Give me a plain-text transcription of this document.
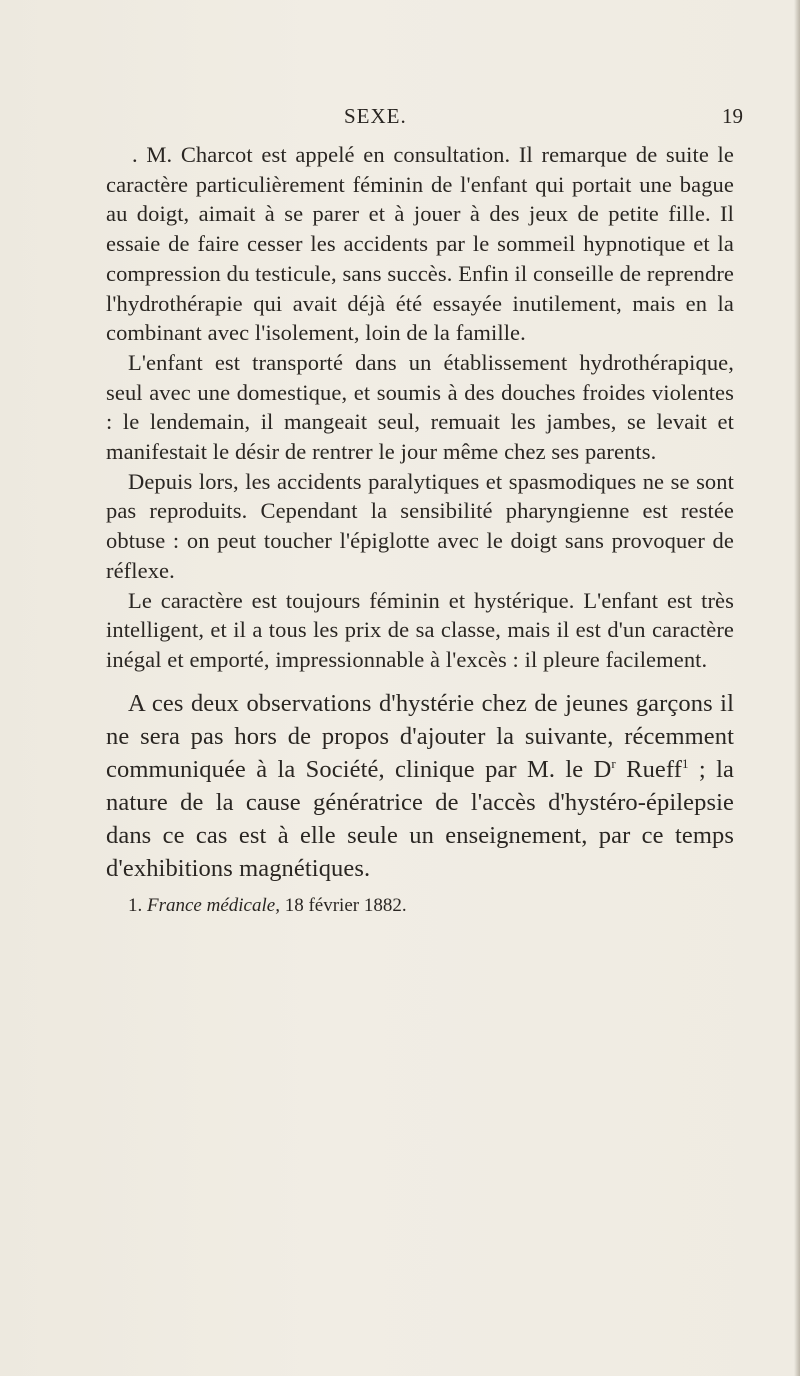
SEXE.	19

. M. Charcot est appelé en consultation. Il remarque de suite le caractère particulièrement féminin de l'enfant qui portait une bague au doigt, aimait à se parer et à jouer à des jeux de petite fille. Il essaie de faire cesser les accidents par le sommeil hypnotique et la compression du testicule, sans succès. Enfin il conseille de reprendre l'hydrothérapie qui avait déjà été essayée inutilement, mais en la combinant avec l'isolement, loin de la famille.

L'enfant est transporté dans un établissement hydrothérapique, seul avec une domestique, et soumis à des douches froides violentes : le lendemain, il mangeait seul, remuait les jambes, se levait et manifestait le désir de rentrer le jour même chez ses parents.

Depuis lors, les accidents paralytiques et spasmodiques ne se sont pas reproduits. Cependant la sensibilité pharyngienne est restée obtuse : on peut toucher l'épiglotte avec le doigt sans provoquer de réflexe.

Le caractère est toujours féminin et hystérique. L'enfant est très intelligent, et il a tous les prix de sa classe, mais il est d'un caractère inégal et emporté, impressionnable à l'excès : il pleure facilement.

A ces deux observations d'hystérie chez de jeunes garçons il ne sera pas hors de propos d'ajouter la suivante, récemment communiquée à la Société, clinique par M. le $D^r$ Rueff$^1$ ; la nature de la cause génératrice de l'accès d'hystéro-épilepsie dans ce cas est à elle seule un enseignement, par ce temps d'exhibitions magnétiques.

1. France médicale, 18 février 1882.
